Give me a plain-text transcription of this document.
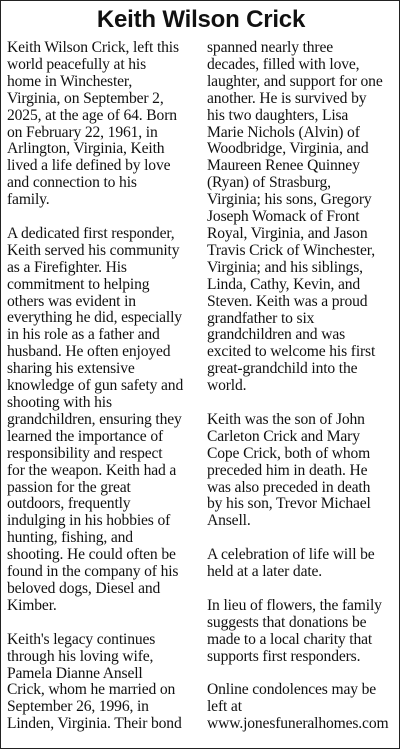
Keith Wilson Crick

Keith Wilson Crick, left this
world peacefully at his
home in Winchester,
Virginia, on September 2,
2025, at the age of 64. Born
on February 22, 1961, in
Arlington, Virginia, Keith
lived a life defined by love
and connection to his
family.

A dedicated first responder,
Keith served his community
as a Firefighter. His
commitment to helping
others was evident in
everything he did, especially
in his role as a father and
husband. He often enjoyed
sharing his extensive
knowledge of gun safety and
shooting with his
grandchildren, ensuring they
learned the importance of
responsibility and respect
for the weapon. Keith had a
passion for the great
outdoors, frequently
indulging in his hobbies of
hunting, fishing, and
shooting. He could often be
found in the company of his
beloved dogs, Diesel and
Kimber.

Keith's legacy continues
through his loving wife,
Pamela Dianne Ansell
Crick, whom he married on
September 26, 1996, in
Linden, Virginia. Their bond

spanned nearly three
decades, filled with love,
laughter, and support for one
another. He is survived by
his two daughters, Lisa
Marie Nichols (Alvin) of
Woodbridge, Virginia, and
Maureen Renee Quinney
(Ryan) of Strasburg,
Virginia; his sons, Gregory
Joseph Womack of Front
Royal, Virginia, and Jason
Travis Crick of Winchester,
Virginia; and his siblings,
Linda, Cathy, Kevin, and
Steven. Keith was a proud
grandfather to six
grandchildren and was
excited to welcome his first
great-grandchild into the
world.

Keith was the son of John
Carleton Crick and Mary
Cope Crick, both of whom
preceded him in death. He
was also preceded in death
by his son, Trevor Michael
Ansell.

A celebration of life will be
held at a later date.

In lieu of flowers, the family
suggests that donations be
made to a local charity that
supports first responders.

Online condolences may be
left at
www.jonesfuneralhomes.com
